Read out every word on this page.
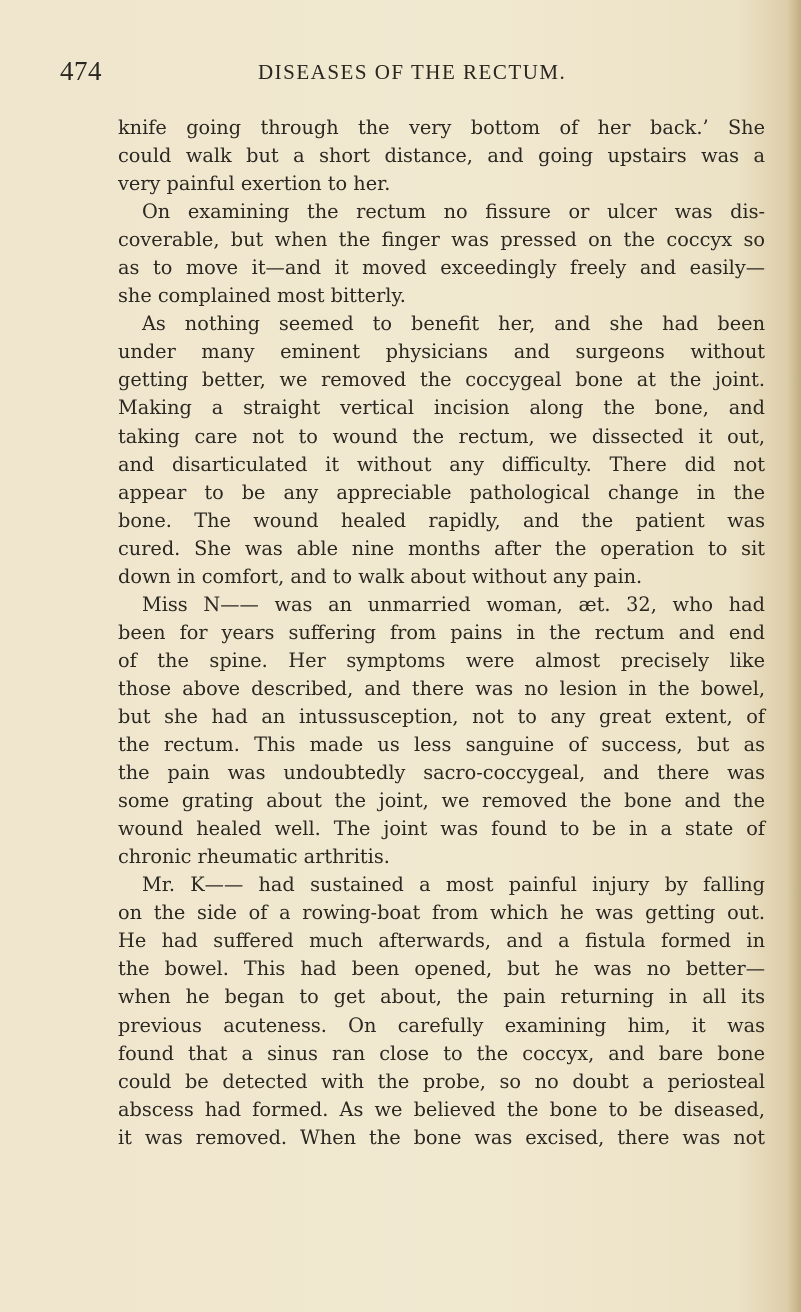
474	DISEASES OF THE RECTUM.
knife going through the very bottom of her back.’ She
could walk but a short distance, and going upstairs was a
very painful exertion to her.
On examining the rectum no fissure or ulcer was dis-
coverable, but when the finger was pressed on the coccyx so
as to move it—and it moved exceedingly freely and easily—
she complained most bitterly.
As nothing seemed to benefit her, and she had been
under many eminent physicians and surgeons without
getting better, we removed the coccygeal bone at the joint.
Making a straight vertical incision along the bone, and
taking care not to wound the rectum, we dissected it out,
and disarticulated it without any difficulty. There did not
appear to be any appreciable pathological change in the
bone. The wound healed rapidly, and the patient was
cured. She was able nine months after the operation to sit
down in comfort, and to walk about without any pain.
Miss N—— was an unmarried woman, æt. 32, who had
been for years suffering from pains in the rectum and end
of the spine. Her symptoms were almost precisely like
those above described, and there was no lesion in the bowel,
but she had an intussusception, not to any great extent, of
the rectum. This made us less sanguine of success, but as
the pain was undoubtedly sacro-coccygeal, and there was
some grating about the joint, we removed the bone and the
wound healed well. The joint was found to be in a state of
chronic rheumatic arthritis.
Mr. K—— had sustained a most painful injury by falling
on the side of a rowing-boat from which he was getting out.
He had suffered much afterwards, and a fistula formed in
the bowel. This had been opened, but he was no better—
when he began to get about, the pain returning in all its
previous acuteness. On carefully examining him, it was
found that a sinus ran close to the coccyx, and bare bone
could be detected with the probe, so no doubt a periosteal
abscess had formed. As we believed the bone to be diseased,
it was removed. When the bone was excised, there was not
